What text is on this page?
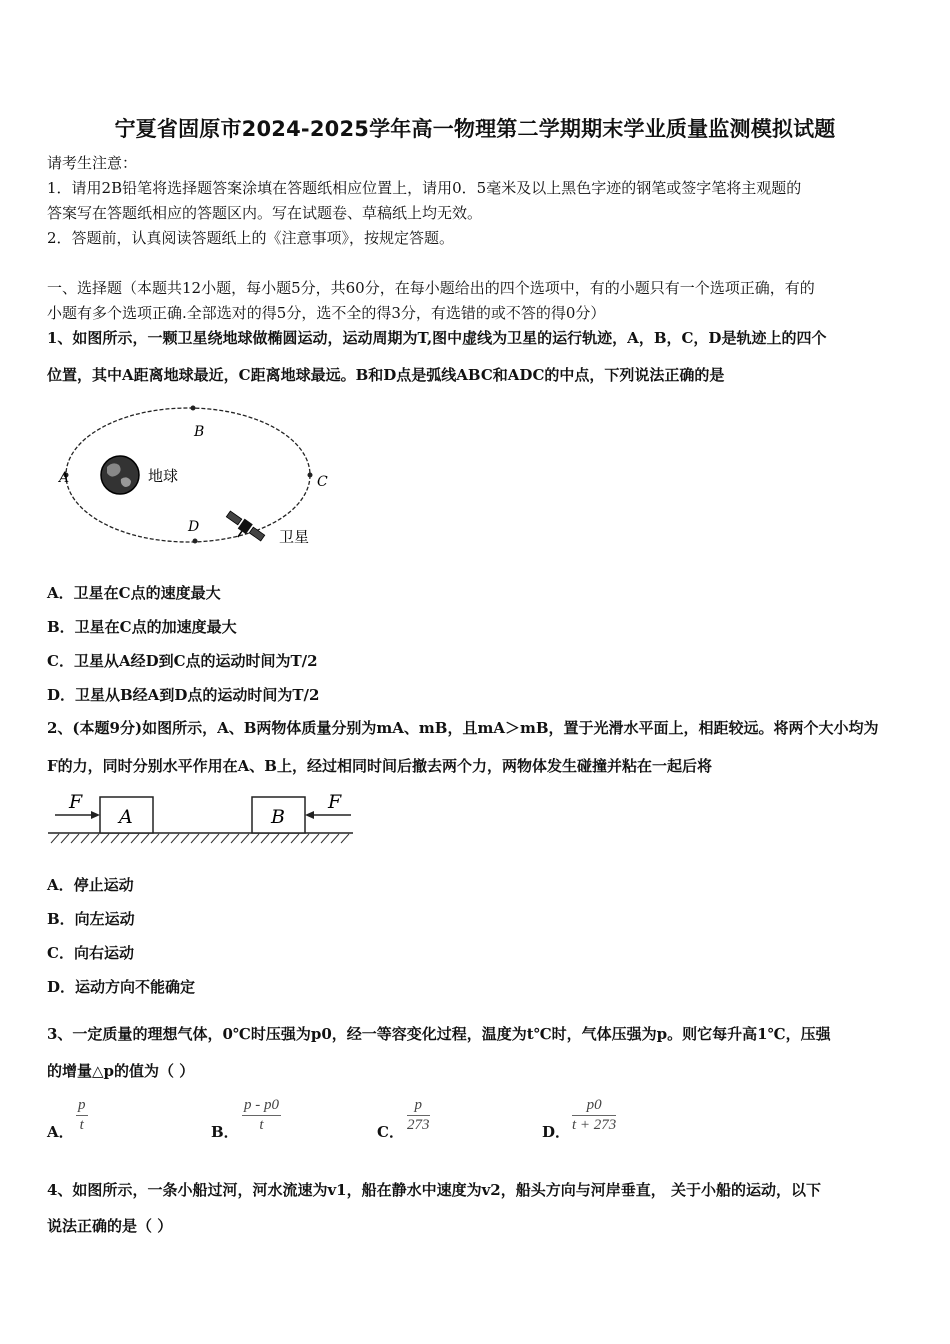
宁夏省固原市2024-2025学年高一物理第二学期期末学业质量监测模拟试题
请考生注意：
1．请用2B铅笔将选择题答案涂填在答题纸相应位置上，请用0．5毫米及以上黑色字迹的钢笔或签字笔将主观题的
答案写在答题纸相应的答题区内。写在试题卷、草稿纸上均无效。
2．答题前，认真阅读答题纸上的《注意事项》，按规定答题。
一、选择题（本题共12小题，每小题5分，共60分，在每小题给出的四个选项中，有的小题只有一个选项正确，有的
小题有多个选项正确.全部选对的得5分，选不全的得3分，有选错的或不答的得0分）
1、如图所示，一颗卫星绕地球做椭圆运动，运动周期为T,图中虚线为卫星的运行轨迹，A，B，C，D是轨迹上的四个
位置，其中A距离地球最近，C距离地球最远。B和D点是弧线ABC和ADC的中点，下列说法正确的是
A
B
C
D
地球
卫星
A．卫星在C点的速度最大
B．卫星在C点的加速度最大
C．卫星从A经D到C点的运动时间为T/2
D．卫星从B经A到D点的运动时间为T/2
2、(本题9分)如图所示，A、B两物体质量分别为mA、mB，且mA＞mB，置于光滑水平面上，相距较远。将两个大小均为
F的力，同时分别水平作用在A、B上，经过相同时间后撤去两个力，两物体发生碰撞并粘在一起后将
A	B
F	F
A．停止运动
B．向左运动
C．向右运动
D．运动方向不能确定
3、一定质量的理想气体，0℃时压强为p0，经一等容变化过程，温度为t℃时，气体压强为p。则它每升高1℃，压强
的增量△p的值为（ ）
A． $\frac{p}{t}$	B． $\frac{p - p0}{t}$	C． $\frac{p}{273}$	D． $\frac{p0}{t + 273}$
4、如图所示，一条小船过河，河水流速为v1，船在静水中速度为v2，船头方向与河岸垂直， 关于小船的运动，以下
说法正确的是（ ）
